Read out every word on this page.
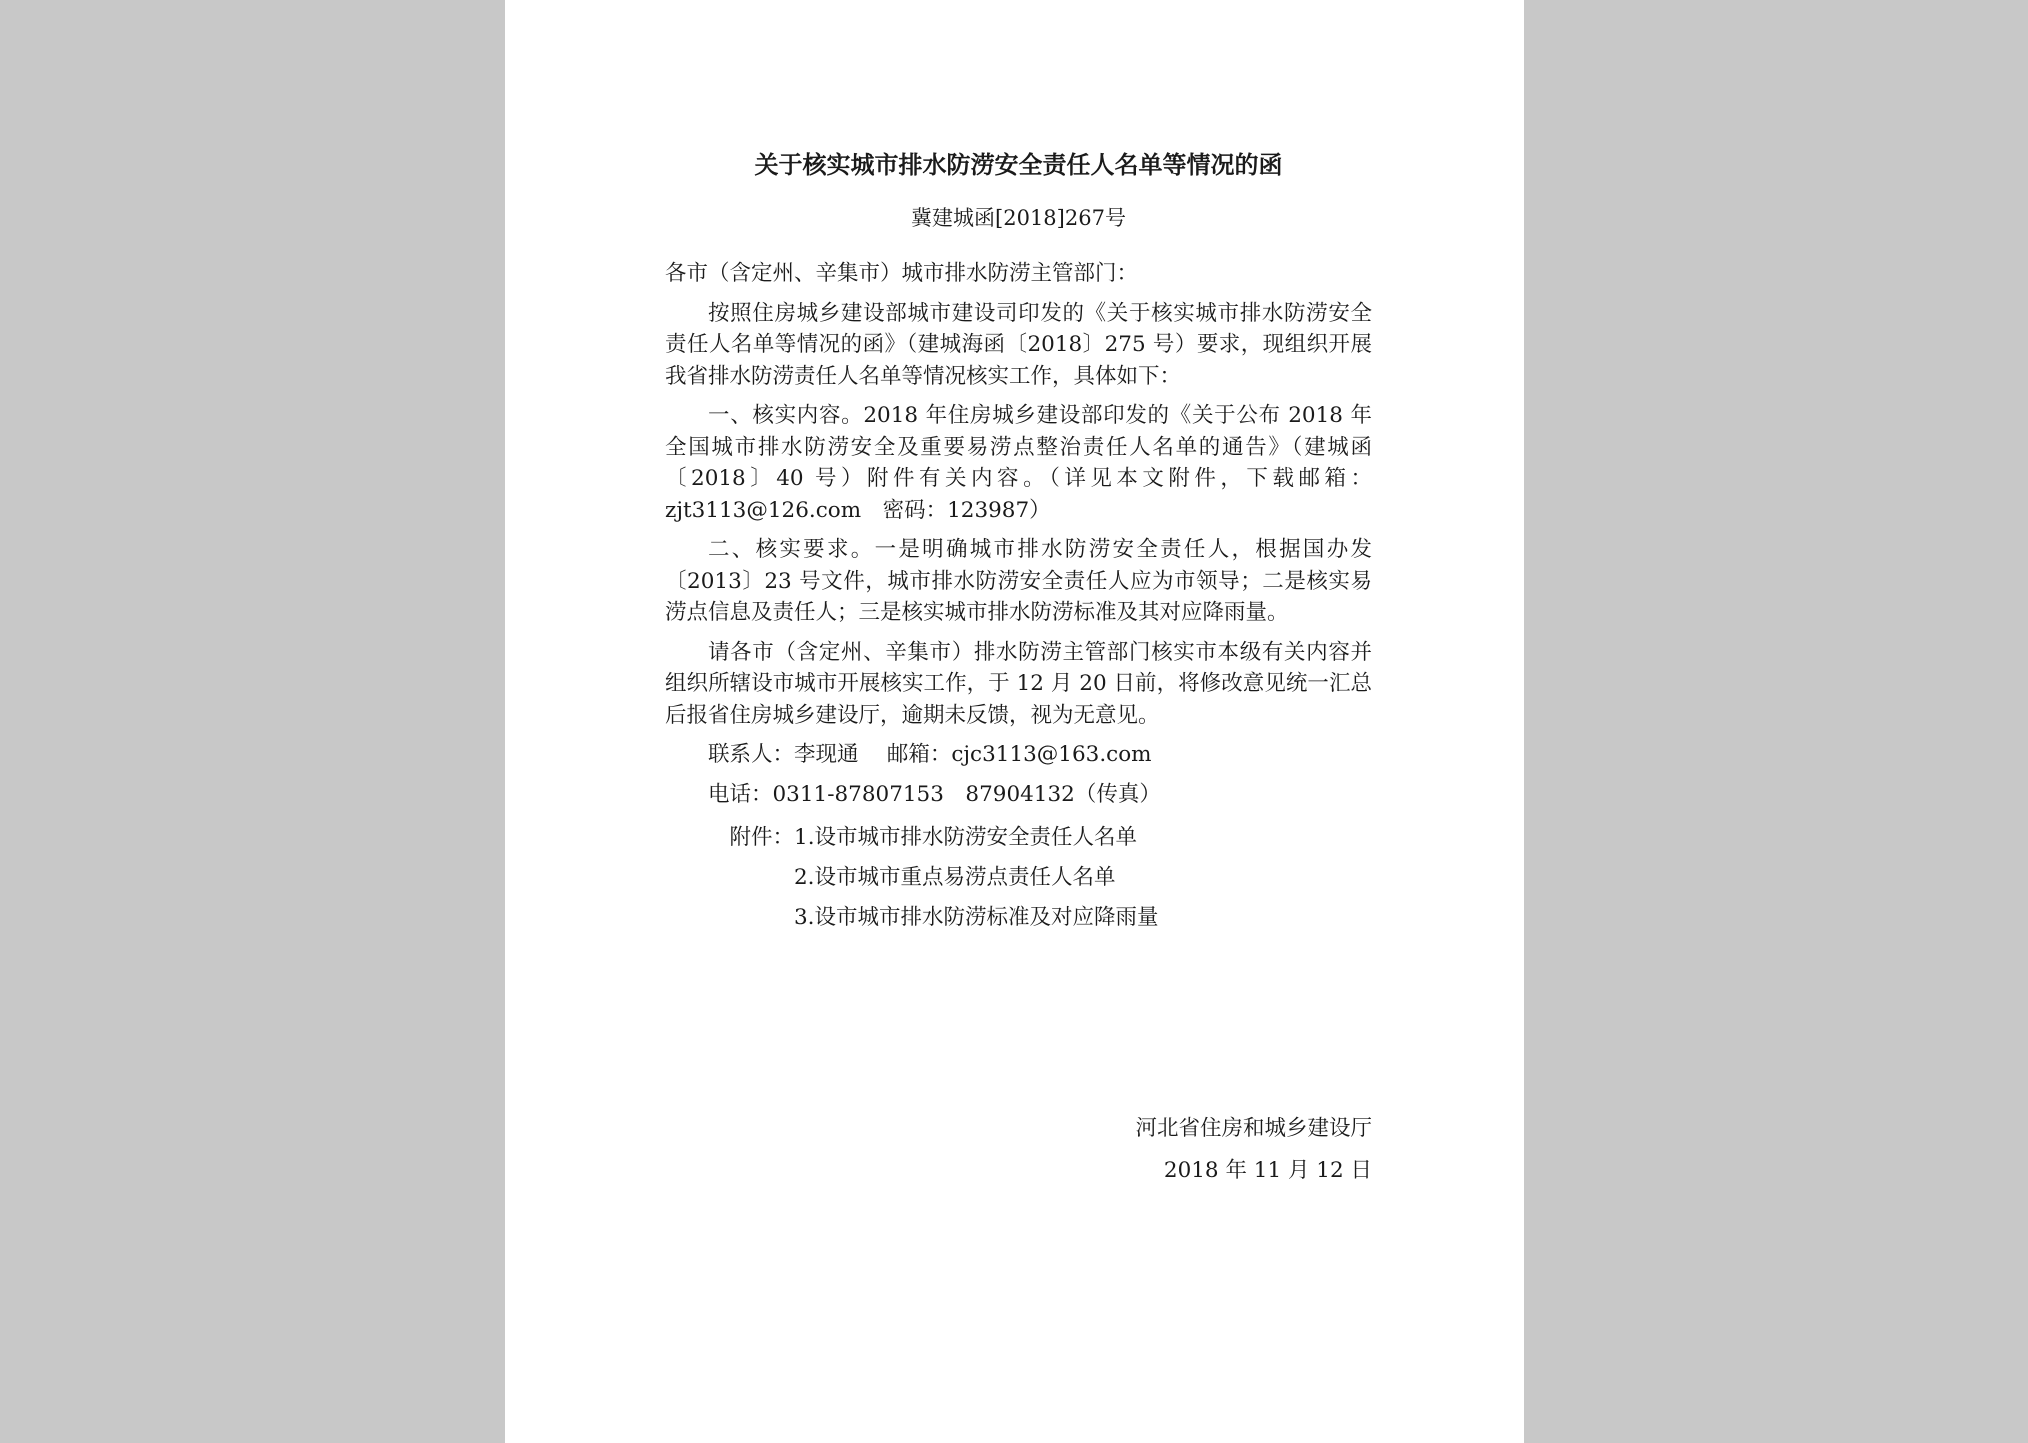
关于核实城市排水防涝安全责任人名单等情况的函
冀建城函[2018]267号

各市（含定州、辛集市）城市排水防涝主管部门：

按照住房城乡建设部城市建设司印发的《关于核实城市排水防涝安全责任人名单等情况的函》（建城海函〔2018〕275 号）要求，现组织开展我省排水防涝责任人名单等情况核实工作，具体如下：

一、核实内容。2018 年住房城乡建设部印发的《关于公布 2018 年全国城市排水防涝安全及重要易涝点整治责任人名单的通告》（建城函〔2018〕40 号）附件有关内容。（详见本文附件，下载邮箱：zjt3113@126.com　密码：123987）

二、核实要求。一是明确城市排水防涝安全责任人，根据国办发〔2013〕23 号文件，城市排水防涝安全责任人应为市领导；二是核实易涝点信息及责任人；三是核实城市排水防涝标准及其对应降雨量。

请各市（含定州、辛集市）排水防涝主管部门核实市本级有关内容并组织所辖设市城市开展核实工作，于 12 月 20 日前，将修改意见统一汇总后报省住房城乡建设厅，逾期未反馈，视为无意见。

联系人：李现通　 邮箱：cjc3113@163.com
电话：0311-87807153　87904132（传真）
附件：1.设市城市排水防涝安全责任人名单
2.设市城市重点易涝点责任人名单
3.设市城市排水防涝标准及对应降雨量
河北省住房和城乡建设厅
2018 年 11 月 12 日
